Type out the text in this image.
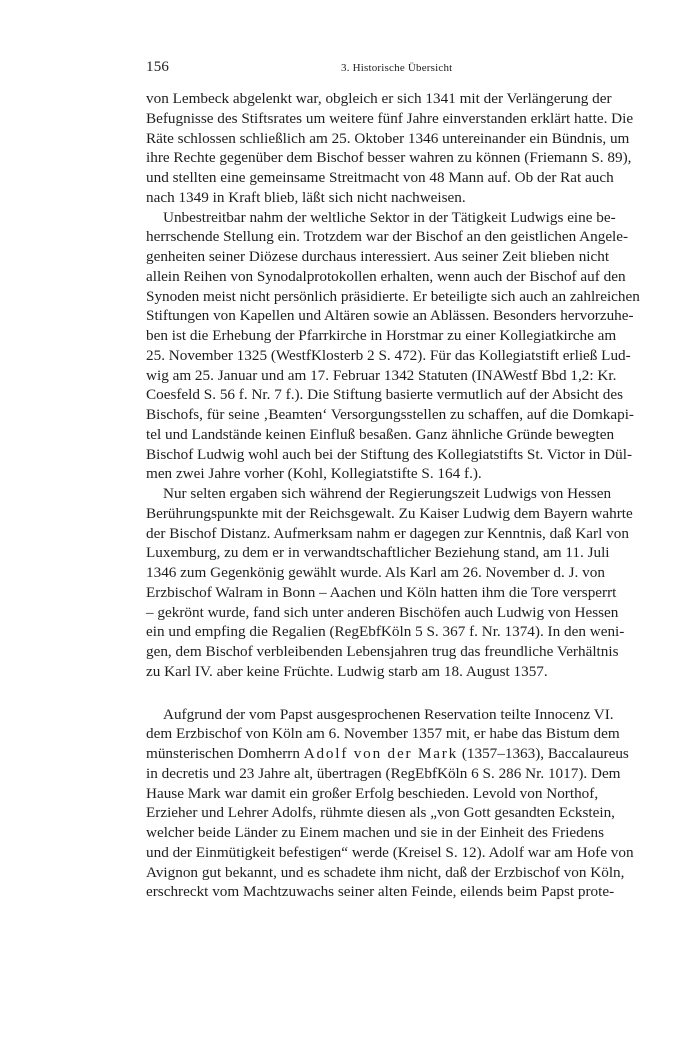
156	3. Historische Übersicht
von Lembeck abgelenkt war, obgleich er sich 1341 mit der Verlängerung der
Befugnisse des Stiftsrates um weitere fünf Jahre einverstanden erklärt hatte. Die
Räte schlossen schließlich am 25. Oktober 1346 untereinander ein Bündnis, um
ihre Rechte gegenüber dem Bischof besser wahren zu können (Friemann S. 89),
und stellten eine gemeinsame Streitmacht von 48 Mann auf. Ob der Rat auch
nach 1349 in Kraft blieb, läßt sich nicht nachweisen.
Unbestreitbar nahm der weltliche Sektor in der Tätigkeit Ludwigs eine be-
herrschende Stellung ein. Trotzdem war der Bischof an den geistlichen Angele-
genheiten seiner Diözese durchaus interessiert. Aus seiner Zeit blieben nicht
allein Reihen von Synodalprotokollen erhalten, wenn auch der Bischof auf den
Synoden meist nicht persönlich präsidierte. Er beteiligte sich auch an zahlreichen
Stiftungen von Kapellen und Altären sowie an Ablässen. Besonders hervorzuhe-
ben ist die Erhebung der Pfarrkirche in Horstmar zu einer Kollegiatkirche am
25. November 1325 (WestfKlosterb 2 S. 472). Für das Kollegiatstift erließ Lud-
wig am 25. Januar und am 17. Februar 1342 Statuten (INAWestf Bbd 1,2: Kr.
Coesfeld S. 56 f. Nr. 7 f.). Die Stiftung basierte vermutlich auf der Absicht des
Bischofs, für seine ‚Beamten‘ Versorgungsstellen zu schaffen, auf die Domkapi-
tel und Landstände keinen Einfluß besaßen. Ganz ähnliche Gründe bewegten
Bischof Ludwig wohl auch bei der Stiftung des Kollegiatstifts St. Victor in Dül-
men zwei Jahre vorher (Kohl, Kollegiatstifte S. 164 f.).
Nur selten ergaben sich während der Regierungszeit Ludwigs von Hessen
Berührungspunkte mit der Reichsgewalt. Zu Kaiser Ludwig dem Bayern wahrte
der Bischof Distanz. Aufmerksam nahm er dagegen zur Kenntnis, daß Karl von
Luxemburg, zu dem er in verwandtschaftlicher Beziehung stand, am 11. Juli
1346 zum Gegenkönig gewählt wurde. Als Karl am 26. November d. J. von
Erzbischof Walram in Bonn – Aachen und Köln hatten ihm die Tore versperrt
– gekrönt wurde, fand sich unter anderen Bischöfen auch Ludwig von Hessen
ein und empfing die Regalien (RegEbfKöln 5 S. 367 f. Nr. 1374). In den weni-
gen, dem Bischof verbleibenden Lebensjahren trug das freundliche Verhältnis
zu Karl IV. aber keine Früchte. Ludwig starb am 18. August 1357.
Aufgrund der vom Papst ausgesprochenen Reservation teilte Innocenz VI.
dem Erzbischof von Köln am 6. November 1357 mit, er habe das Bistum dem
münsterischen Domherrn Adolf von der Mark (1357–1363), Baccalaureus
in decretis und 23 Jahre alt, übertragen (RegEbfKöln 6 S. 286 Nr. 1017). Dem
Hause Mark war damit ein großer Erfolg beschieden. Levold von Northof,
Erzieher und Lehrer Adolfs, rühmte diesen als „von Gott gesandten Eckstein,
welcher beide Länder zu Einem machen und sie in der Einheit des Friedens
und der Einmütigkeit befestigen“ werde (Kreisel S. 12). Adolf war am Hofe von
Avignon gut bekannt, und es schadete ihm nicht, daß der Erzbischof von Köln,
erschreckt vom Machtzuwachs seiner alten Feinde, eilends beim Papst prote-
